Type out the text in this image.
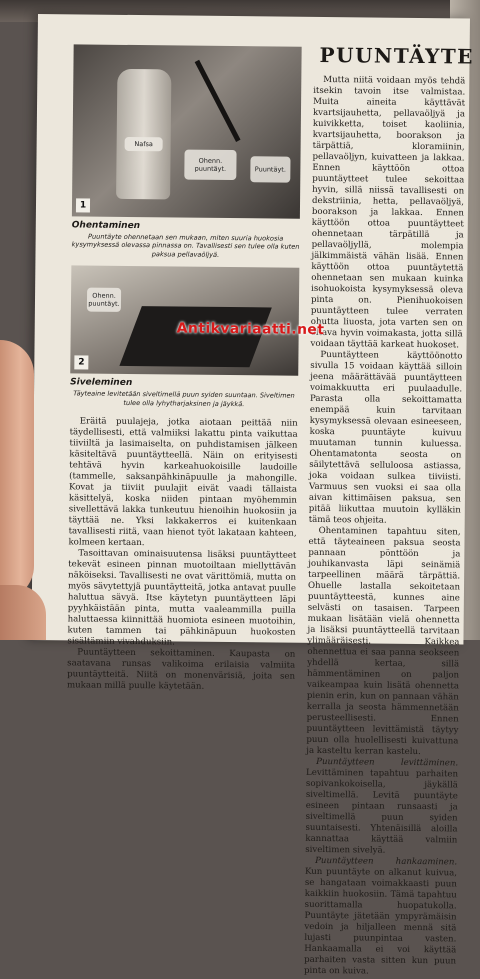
Nafsa
Ohenn. puuntäyt.	Puuntäyt.
1
Ohentaminen
Puuntäyte ohennetaan sen mukaan, miten suuria huokosia kysymyksessä olevassa pinnassa on. Tavallisesti sen tulee olla kuten paksua pellavaöljyä.
Ohenn. puuntäyt.
2
Siveleminen
Täyteaine levitetään siveltimellä puun syiden suuntaan. Siveltimen tulee olla lyhytharjaksinen ja jäykkä.

Eräitä puulajeja, jotka aiotaan peittää niin täydellisesti, että valmiiksi lakattu pinta vaikuttaa tiiviiltä ja lasimaiselta, on puhdistamisen jälkeen käsiteltävä puuntäytteellä. Näin on erityisesti tehtävä hyvin karkeahuokoisille laudoille (tammelle, saksanpähkinäpuulle ja mahongille. Kovat ja tiiviit puulajit eivät vaadi tällaista käsittelyä, koska niiden pintaan myöhemmin sivellettävä lakka tunkeutuu hienoihin huokosiin ja täyttää ne. Yksi lakkakerros ei kuitenkaan tavallisesti riitä, vaan hienot työt lakataan kahteen, kolmeen kertaan.

Tasoittavan ominaisuutensa lisäksi puuntäytteet tekevät esineen pinnan muotoiltaan miellyttävän näköiseksi. Tavallisesti ne ovat värittömiä, mutta on myös sävytettyjä puuntäytteitä, jotka antavat puulle haluttua sävyä. Itse käytetyn puuntäytteen läpi pyyhkäistään pinta, mutta vaaleammilla puilla haluttaessa kiinnittää huomiota esineen muotoihin, kuten tammen tai pähkinäpuun huokosten sisältämiin vivahduksiin.

Puuntäytteen sekoittaminen. Kaupasta on saatavana runsas valikoima erilaisia valmiita puuntäytteitä. Niitä on monenvärisiä, joita sen mukaan millä puulle käytetään.

PUUNTÄYTE

Mutta niitä voidaan myös tehdä itsekin tavoin itse valmistaa. Muita aineita käyttävät kvartsijauhetta, pellavaöljyä ja kuivikketta, toiset kaoliinia, kvartsijauhetta, boorakson ja tärpättiä, kloramiinin, pellavaöljyn, kuivatteen ja lakkaa. Ennen käyttöön ottoa puuntäytteet tulee sekoittaa hyvin, sillä niissä tavallisesti on dekstriinia, hetta, pellavaöljyä, boorakson ja lakkaa. Ennen käyttöön ottoa puuntäytteet ohennetaan tärpätillä ja pellavaöljyllä, molempia jälkimmäistä vähän lisää. Ennen käyttöön ottoa puuntäytettä ohennetaan sen mukaan kuinka isohuokoista kysymyksessä oleva pinta on. Pienihuokoisen puuntäytteen tulee verraten ohutta liuosta, jota varten sen on oltava hyvin voimakasta, jotta sillä voidaan täyttää karkeat huokoset.

Puuntäytteen käyttöönotto sivulla 15 voidaan käyttää silloin jeena määrättävää puuntäytteen voimakkuutta eri puulaadulle. Parasta olla sekoittamatta enempää kuin tarvitaan kysymyksessä olevaan esineeseen, koska puuntäyte kuivuu muutaman tunnin kuluessa. Ohentamatonta seosta on säilytettävä selluloosa astiassa, joka voidaan sulkea tiiviisti. Varmuus sen vuoksi ei saa olla aivan kittimäisen paksua, sen pitää liikuttaa muutoin kylläkin tämä teos ohjeita.

Ohentaminen tapahtuu siten, että täyteaineen paksua seosta pannaan pönttöön ja jouhikanvasta läpi seinämiä tarpeellinen määrä tärpättiä. Ohuelle lastalla sekoitetaan puuntäytteestä, kunnes aine selvästi on tasaisen. Tarpeen mukaan lisätään vielä ohennetta ja lisäksi puuntäytteellä tarvitaan ylimääräisesti. Kaikkea ohennettua ei saa panna seokseen yhdellä kertaa, sillä hämmentäminen on paljon vaikeampaa kuin lisätä ohennetta pienin erin, kun on pannaan vähän kerralla ja seosta hämmennetään perusteellisesti. Ennen puuntäytteen levittämistä täytyy puun olla huolellisesti kuivattuna ja kasteltu kerran kastelu.

Puuntäytteen levittäminen. Levittäminen tapahtuu parhaiten sopivankokoisella, jäykällä siveltimellä. Levitä puuntäyte esineen pintaan runsaasti ja siveltimellä puun syiden suuntaisesti. Yhtenäisillä aloilla kannattaa käyttää valmiin siveltimen sivelyä.

Puuntäytteen hankaaminen. Kun puuntäyte on alkanut kuivua, se hangataan voimakkaasti puun kaikkiin huokosiin. Tämä tapahtuu suorittamalla huopatukolla. Puuntäyte jätetään ympyrämäisin vedoin ja hiljalleen mennä sitä lujasti puunpintaa vasten. Hankaamalla ei voi käyttää parhaiten vasta sitten kun puun pinta on kuiva.

Antikvariaatti.net
